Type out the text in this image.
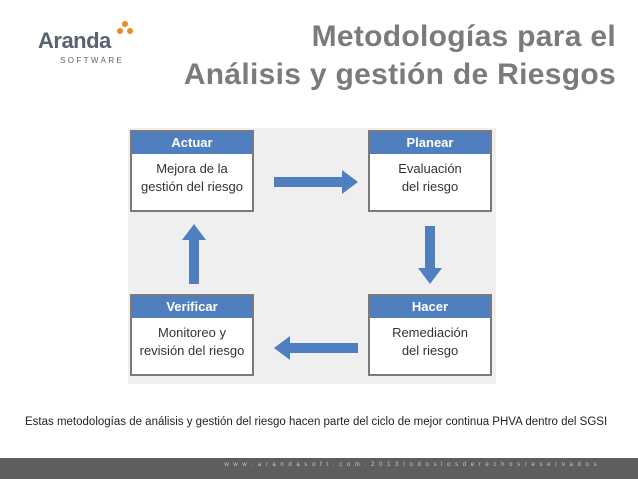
Aranda
SOFTWARE
Metodologías para el
Análisis y gestión de Riesgos
Actuar
Mejora de la
gestión del riesgo
Planear
Evaluación
del riesgo
Verificar
Monitoreo y
revisión del riesgo
Hacer
Remediación
del riesgo
Estas metodologías de análisis y gestión del riesgo hacen parte del ciclo de mejor continua PHVA dentro del SGSI
w w w . a r a n d a s o f t . c o m · 2 0 1 3 t o d o s l o s d e r e c h o s r e s e r v a d o s
